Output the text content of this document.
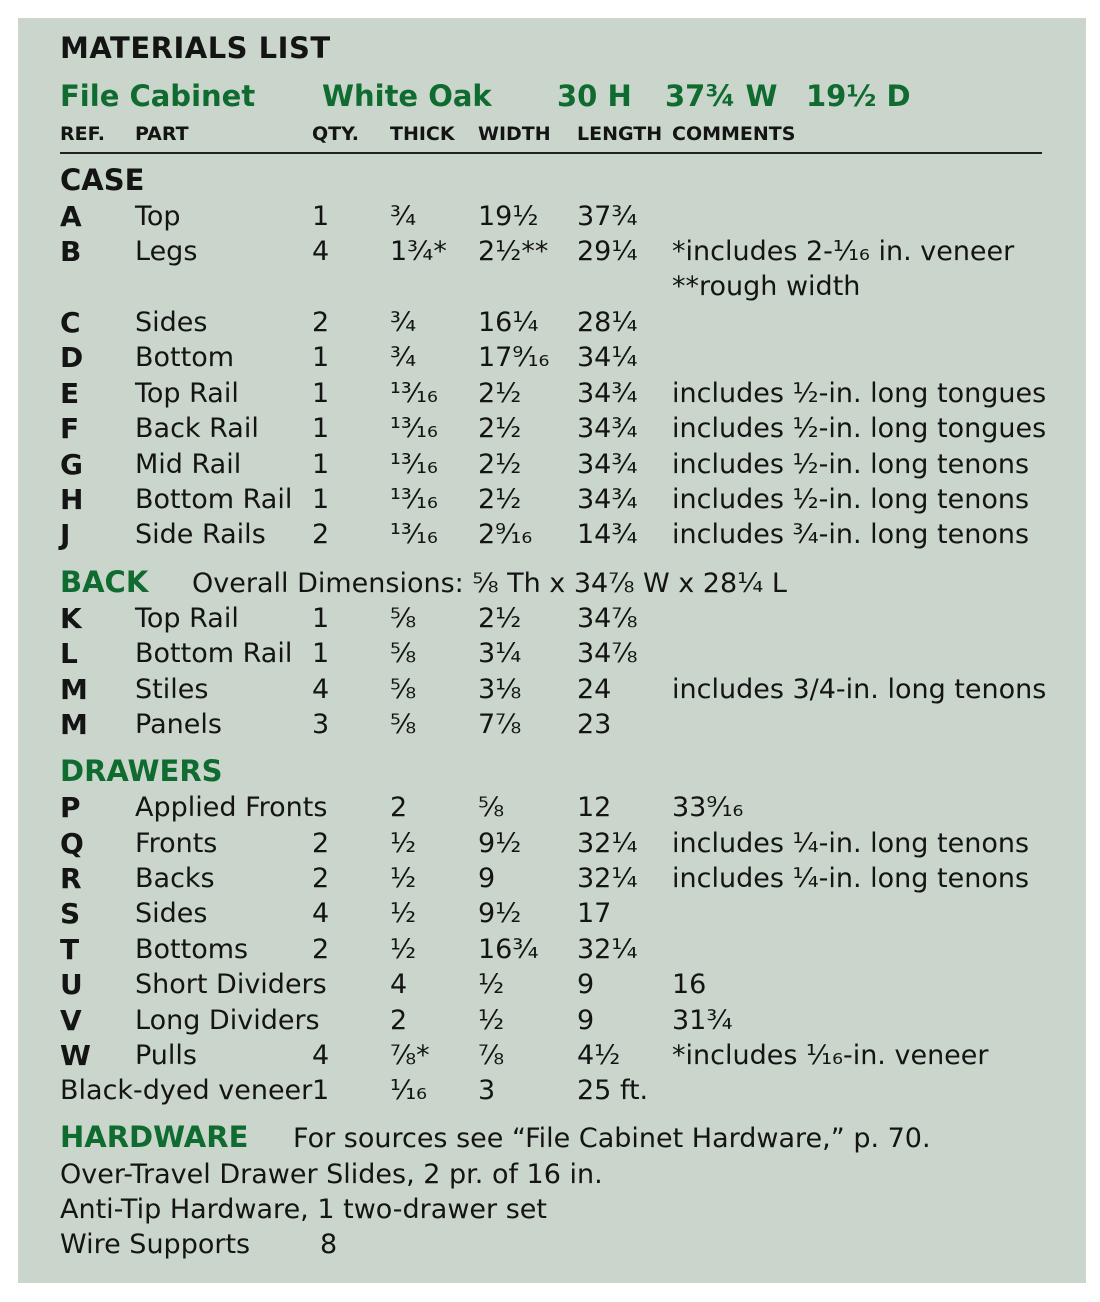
MATERIALS LIST
File Cabinet White Oak 30 H 37¾ W 19½ D
REF. PART	QTY. THICK WIDTH LENGTH COMMENTS
CASE
A Top	1 ¾ 19½ 37¾
B Legs	4 1¾* 2½** 29¼ *includes 2-¹⁄₁₆ in. veneer
**rough width
C Sides	2 ¾ 16¼ 28¼
D Bottom	1 ¾ 17⁹⁄₁₆ 34¼
E Top Rail	1 ¹³⁄₁₆ 2½ 34¾ includes ½-in. long tongues
F Back Rail 1 ¹³⁄₁₆ 2½ 34¾ includes ½-in. long tongues
G Mid Rail	1 ¹³⁄₁₆ 2½ 34¾ includes ½-in. long tenons
H Bottom Rail 1 ¹³⁄₁₆ 2½ 34¾ includes ½-in. long tenons
J Side Rails 2 ¹³⁄₁₆ 2⁹⁄₁₆ 14¾ includes ¾-in. long tenons
BACK Overall Dimensions: ⅝ Th x 34⅞ W x 28¼ L
K Top Rail	1 ⅝ 2½ 34⅞
L Bottom Rail 1 ⅝ 3¼ 34⅞
M Stiles	4 ⅝ 3⅛ 24 includes 3/4-in. long tenons
M Panels	3 ⅝ 7⅞ 23
DRAWERS
P Applied Fronts 2	⅝	12 33⁹⁄₁₆
Q Fronts	2 ½ 9½ 32¼ includes ¼-in. long tenons
R Backs	2 ½ 9	32¼ includes ¼-in. long tenons
S Sides	4 ½ 9½ 17
T Bottoms 2 ½ 16¾ 32¼
U Short Dividers 4	½	9	16
V Long Dividers	2	½	9	31¾
W Pulls	4 ⅞* ⅞	4½ *includes ¹⁄₁₆-in. veneer
Black-dyed veneer 1 ¹⁄₁₆ 3	25 ft.
HARDWARE For sources see “File Cabinet Hardware,” p. 70.
Over-Travel Drawer Slides, 2 pr. of 16 in.
Anti-Tip Hardware, 1 two-drawer set
Wire Supports	8
